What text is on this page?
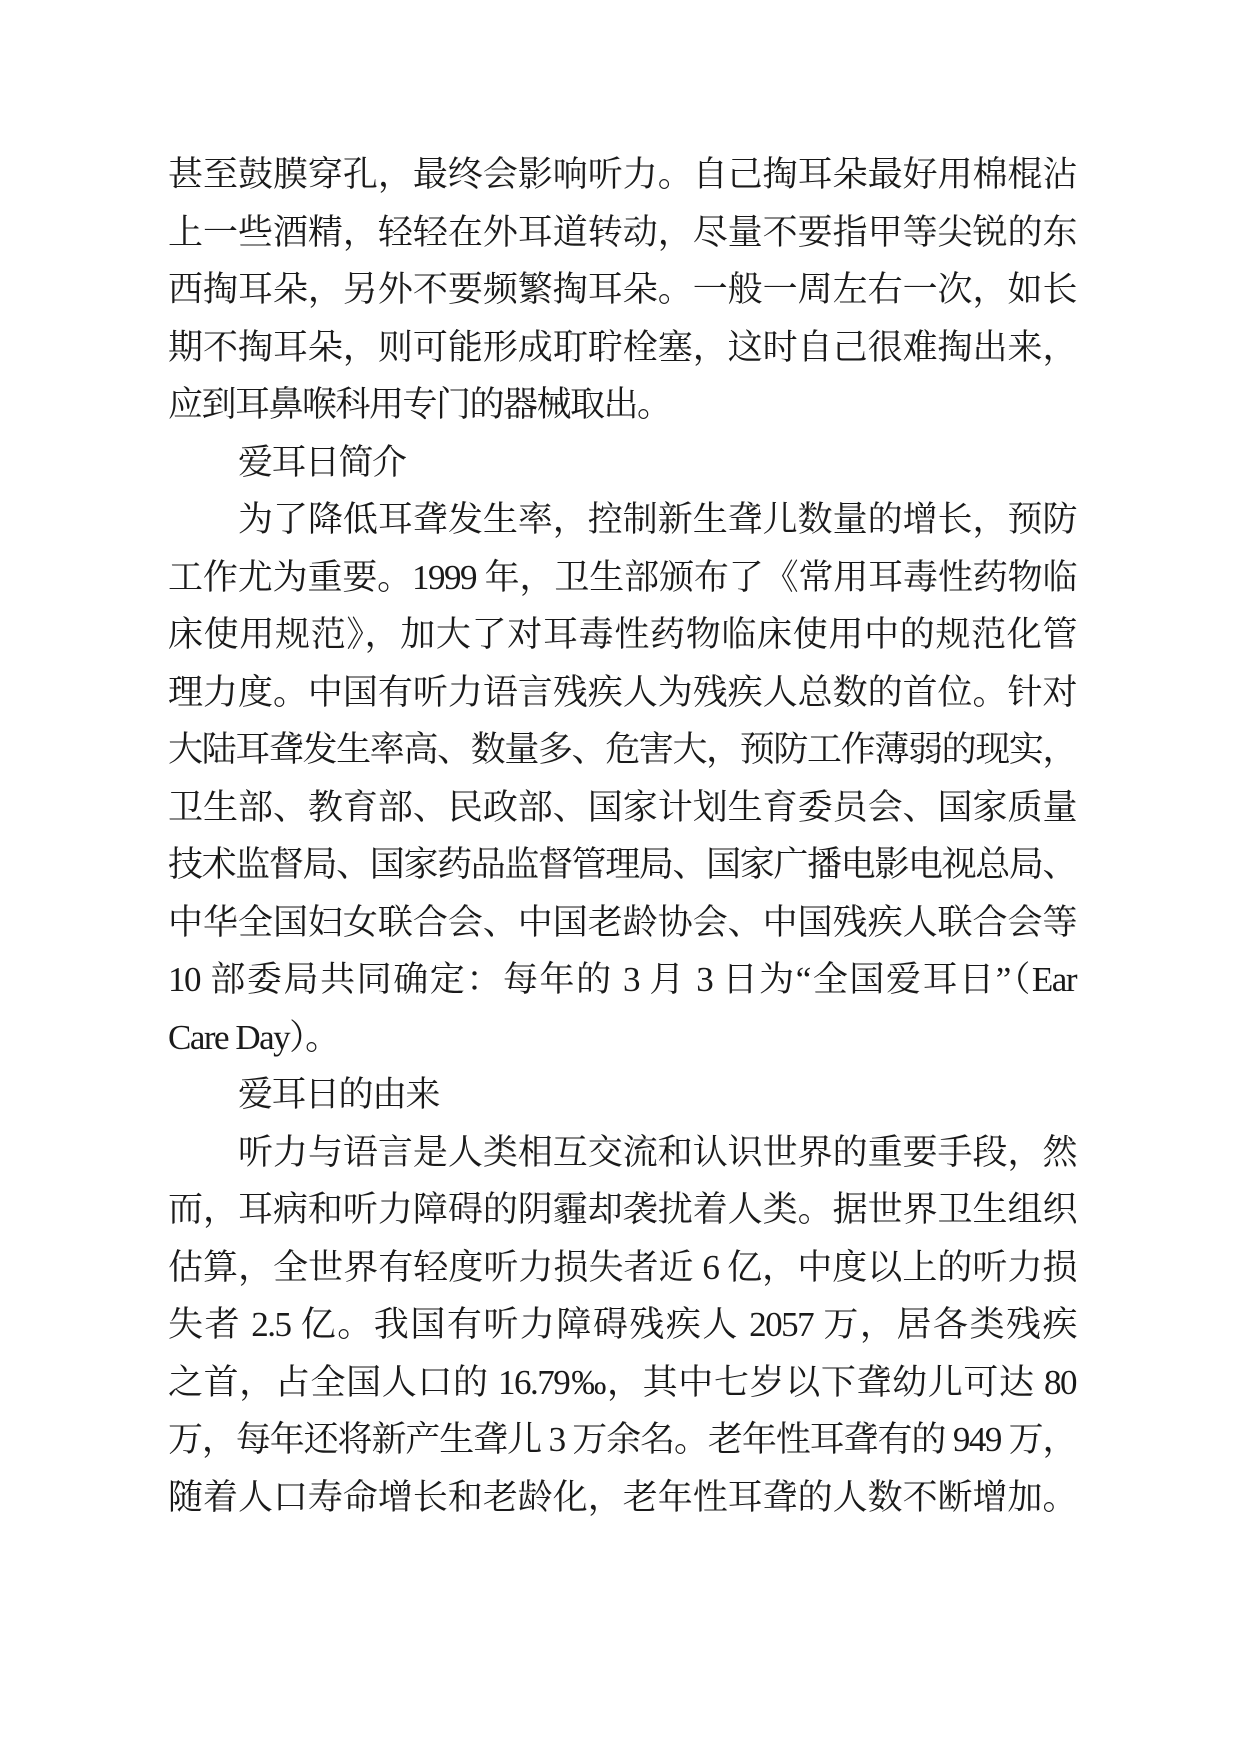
甚至鼓膜穿孔，最终会影响听力。自己掏耳朵最好用棉棍沾
上一些酒精，轻轻在外耳道转动，尽量不要指甲等尖锐的东
西掏耳朵，另外不要频繁掏耳朵。一般一周左右一次，如长
期不掏耳朵，则可能形成耵聍栓塞，这时自己很难掏出来，
应到耳鼻喉科用专门的器械取出。
爱耳日简介
为了降低耳聋发生率，控制新生聋儿数量的增长，预防
工作尤为重要。1999 年，卫生部颁布了《常用耳毒性药物临
床使用规范》，加大了对耳毒性药物临床使用中的规范化管
理力度。中国有听力语言残疾人为残疾人总数的首位。针对
大陆耳聋发生率高、数量多、危害大，预防工作薄弱的现实，
卫生部、教育部、民政部、国家计划生育委员会、国家质量
技术监督局、国家药品监督管理局、国家广播电影电视总局、
中华全国妇女联合会、中国老龄协会、中国残疾人联合会等
10 部委局共同确定：每年的 3 月 3 日为“全国爱耳日”（Ear
Care Day）。
爱耳日的由来
听力与语言是人类相互交流和认识世界的重要手段，然
而，耳病和听力障碍的阴霾却袭扰着人类。据世界卫生组织
估算，全世界有轻度听力损失者近 6 亿，中度以上的听力损
失者 2.5 亿。我国有听力障碍残疾人 2057 万，居各类残疾
之首，占全国人口的 16.79‰，其中七岁以下聋幼儿可达 80
万，每年还将新产生聋儿 3 万余名。老年性耳聋有的 949 万，
随着人口寿命增长和老龄化，老年性耳聋的人数不断增加。
